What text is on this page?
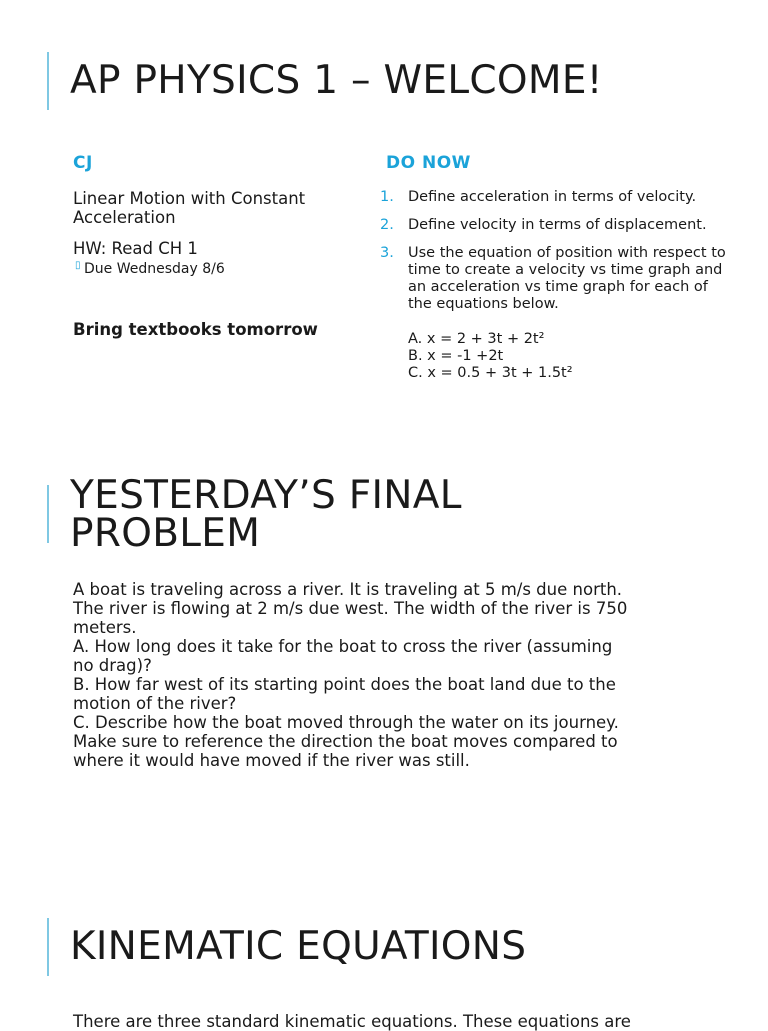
AP PHYSICS 1 – WELCOME!
CJ

Linear Motion with Constant Acceleration

HW: Read CH 1

▯ Due Wednesday 8/6

Bring textbooks tomorrow

DO NOW
1. Define acceleration in terms of velocity.
2. Define velocity in terms of displacement.
3. Use the equation of position with respect to time to create a velocity vs time graph and an acceleration vs time graph for each of the equations below.
A. x = 2 + 3t + 2t²
B. x = -1 +2t
C. x = 0.5 + 3t + 1.5t²
YESTERDAY’S FINAL
PROBLEM

A boat is traveling across a river. It is traveling at 5 m/s due north.

The river is flowing at 2 m/s due west. The width of the river is 750

meters.

A. How long does it take for the boat to cross the river (assuming

no drag)?

B. How far west of its starting point does the boat land due to the

motion of the river?

C. Describe how the boat moved through the water on its journey.

Make sure to reference the direction the boat moves compared to

where it would have moved if the river was still.

KINEMATIC EQUATIONS

There are three standard kinematic equations. These equations are
